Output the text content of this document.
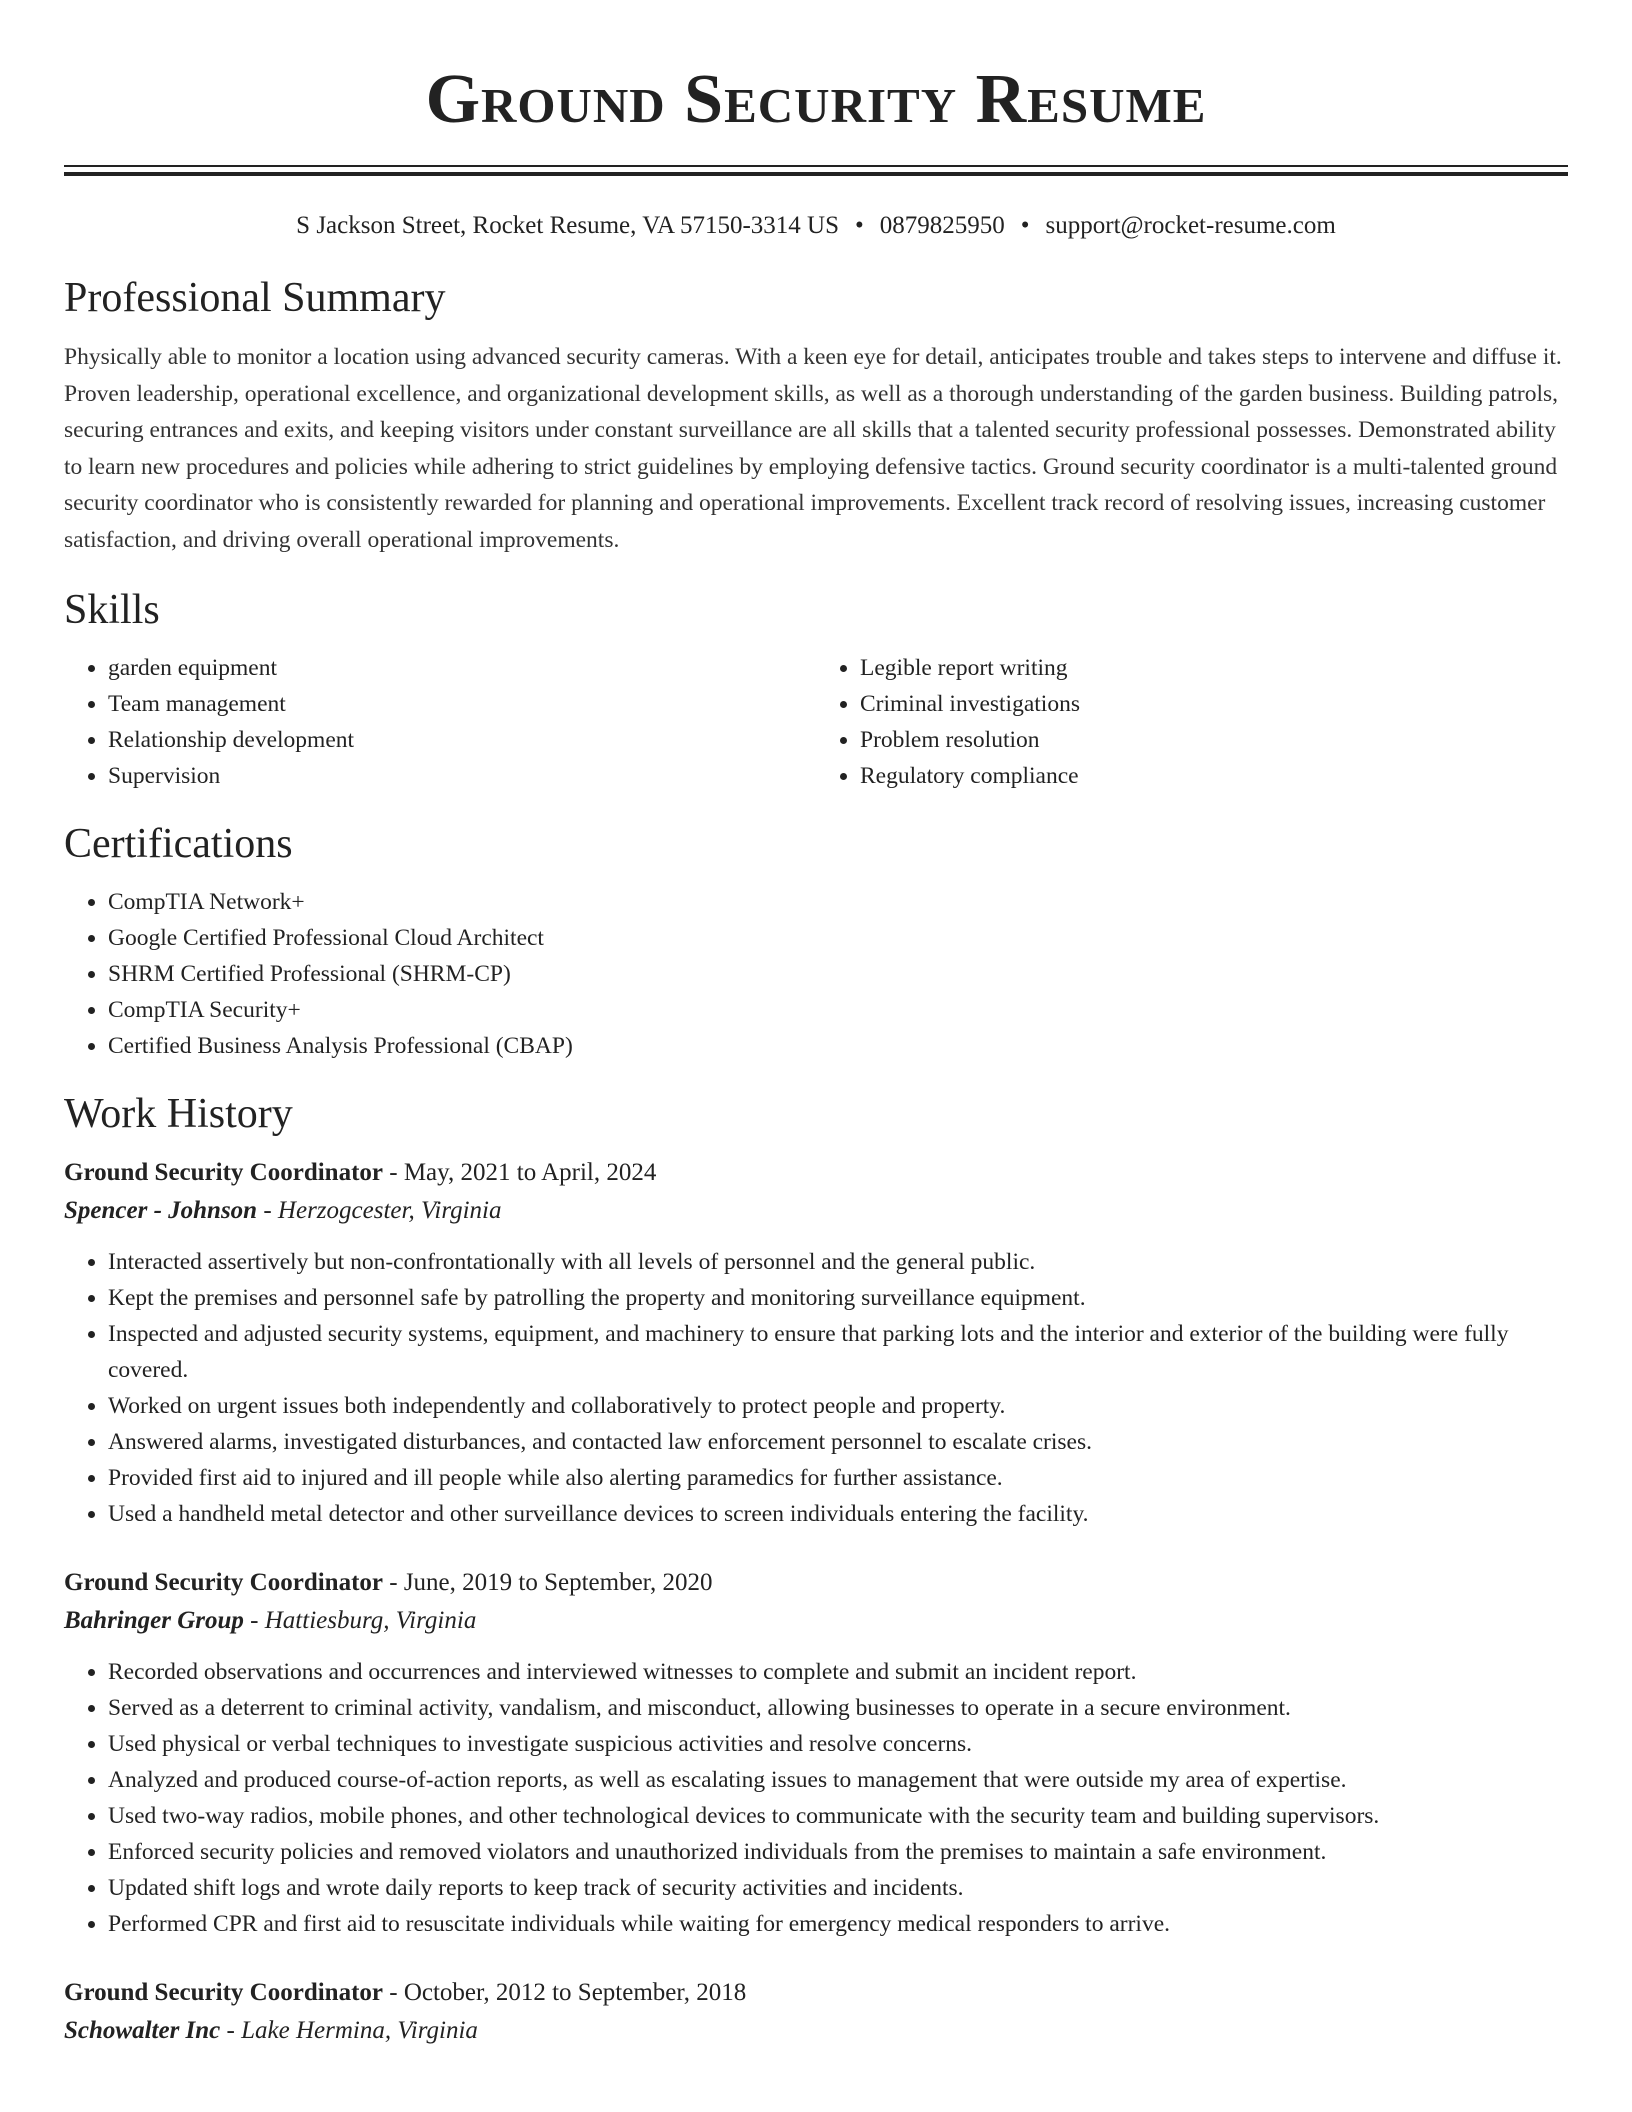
Ground Security Resume
S Jackson Street, Rocket Resume, VA 57150-3314 US • 0879825950 • support@rocket-resume.com
Professional Summary

Physically able to monitor a location using advanced security cameras. With a keen eye for detail, anticipates trouble and takes steps to intervene and diffuse it. Proven leadership, operational excellence, and organizational development skills, as well as a thorough understanding of the garden business. Building patrols, securing entrances and exits, and keeping visitors under constant surveillance are all skills that a talented security professional possesses. Demonstrated ability to learn new procedures and policies while adhering to strict guidelines by employing defensive tactics. Ground security coordinator is a multi-talented ground security coordinator who is consistently rewarded for planning and operational improvements. Excellent track record of resolving issues, increasing customer satisfaction, and driving overall operational improvements.

Skills
• garden equipment
• Team management
• Relationship development
• Supervision
• Legible report writing
• Criminal investigations
• Problem resolution
• Regulatory compliance
Certifications
• CompTIA Network+
• Google Certified Professional Cloud Architect
• SHRM Certified Professional (SHRM-CP)
• CompTIA Security+
• Certified Business Analysis Professional (CBAP)
Work History
Ground Security Coordinator - May, 2021 to April, 2024
Spencer - Johnson - Herzogcester, Virginia
• Interacted assertively but non-confrontationally with all levels of personnel and the general public.
• Kept the premises and personnel safe by patrolling the property and monitoring surveillance equipment.
• Inspected and adjusted security systems, equipment, and machinery to ensure that parking lots and the interior and exterior of the building were fully covered.
• Worked on urgent issues both independently and collaboratively to protect people and property.
• Answered alarms, investigated disturbances, and contacted law enforcement personnel to escalate crises.
• Provided first aid to injured and ill people while also alerting paramedics for further assistance.
• Used a handheld metal detector and other surveillance devices to screen individuals entering the facility.
Ground Security Coordinator - June, 2019 to September, 2020
Bahringer Group - Hattiesburg, Virginia
• Recorded observations and occurrences and interviewed witnesses to complete and submit an incident report.
• Served as a deterrent to criminal activity, vandalism, and misconduct, allowing businesses to operate in a secure environment.
• Used physical or verbal techniques to investigate suspicious activities and resolve concerns.
• Analyzed and produced course-of-action reports, as well as escalating issues to management that were outside my area of expertise.
• Used two-way radios, mobile phones, and other technological devices to communicate with the security team and building supervisors.
• Enforced security policies and removed violators and unauthorized individuals from the premises to maintain a safe environment.
• Updated shift logs and wrote daily reports to keep track of security activities and incidents.
• Performed CPR and first aid to resuscitate individuals while waiting for emergency medical responders to arrive.
Ground Security Coordinator - October, 2012 to September, 2018
Schowalter Inc - Lake Hermina, Virginia
